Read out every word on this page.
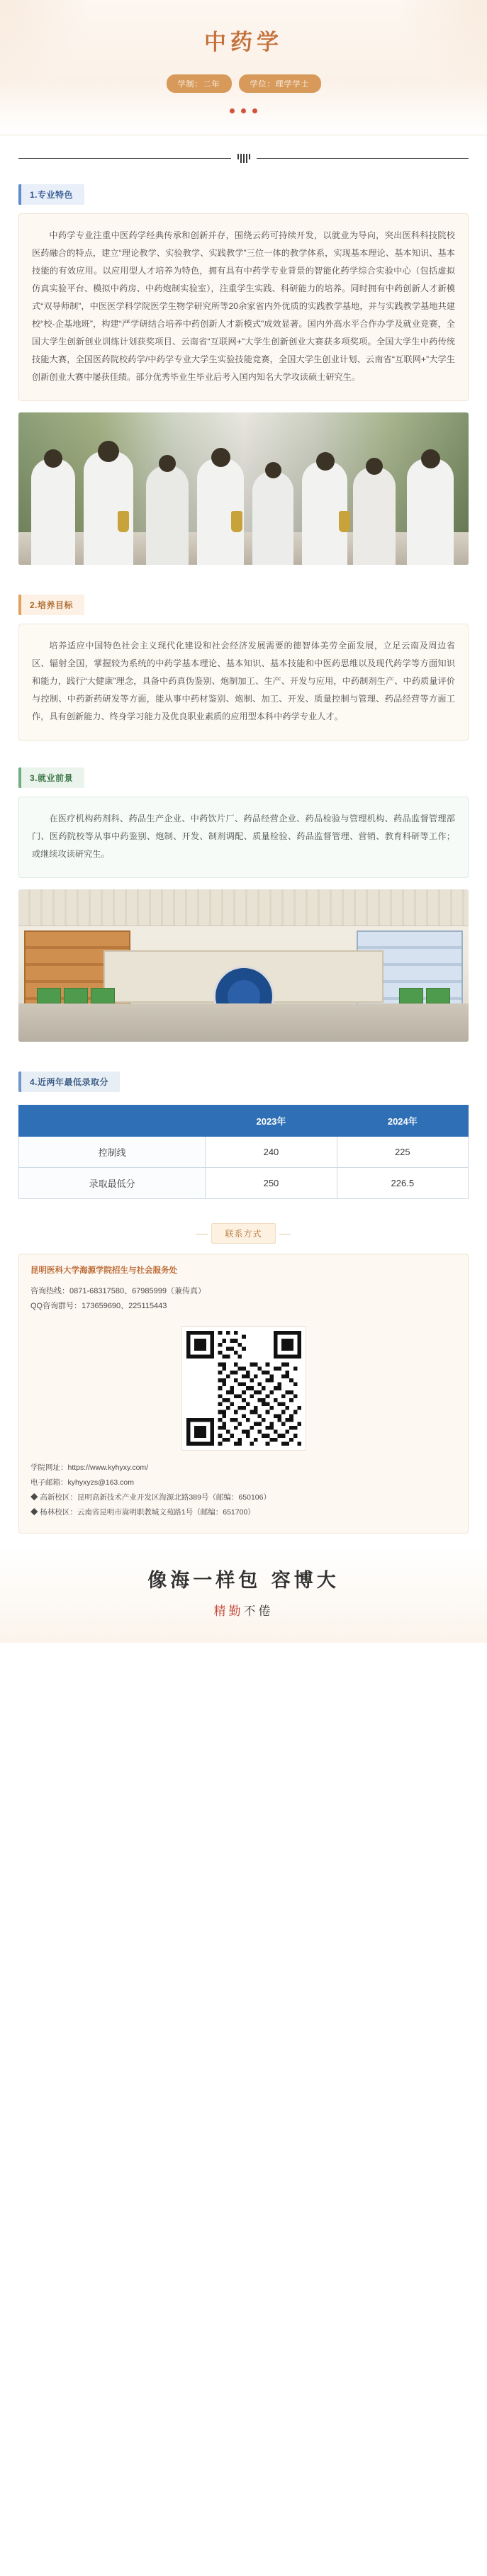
中药学
学制：二年	学位：理学学士
1.专业特色

中药学专业注重中医药学经典传承和创新并存，围绕云药可持续开发，以就业为导向，突出医科科技院校医药融合的特点，建立“理论教学、实验教学、实践教学”三位一体的教学体系，实现基本理论、基本知识、基本技能的有效应用。以应用型人才培养为特色，拥有具有中药学专业背景的智能化药学综合实验中心（包括虚拟仿真实验平台、模拟中药房、中药炮制实验室），注重学生实践、科研能力的培养。同时拥有中药创新人才新模式“双导师制”，中医医学科学院医学生物学研究所等20余家省内外优质的实践教学基地，并与实践教学基地共建校“校-企基地班”，构建“严学研结合培养中药创新人才新模式”成效显著。国内外高水平合作办学及就业竞赛，全国大学生创新创业训练计划获奖项目、云南省“互联网+”大学生创新创业大赛获多项奖项。全国大学生中药传统技能大赛，全国医药院校药学/中药学专业大学生实验技能竞赛，全国大学生创业计划、云南省“互联网+”大学生创新创业大赛中屡获佳绩。部分优秀毕业生毕业后考入国内知名大学攻读硕士研究生。

2.培养目标

培养适应中国特色社会主义现代化建设和社会经济发展需要的德智体美劳全面发展，立足云南及周边省区、辐射全国，掌握较为系统的中药学基本理论、基本知识、基本技能和中医药思维以及现代药学等方面知识和能力，践行“大健康”理念，具备中药真伪鉴别、炮制加工、生产、开发与应用，中药制剂生产、中药质量评价与控制、中药新药研发等方面，能从事中药材鉴别、炮制、加工、开发、质量控制与管理、药品经营等方面工作，具有创新能力、终身学习能力及优良职业素质的应用型本科中药学专业人才。

3.就业前景

在医疗机构药剂科、药品生产企业、中药饮片厂、药品经营企业、药品检验与管理机构、药品监督管理部门、医药院校等从事中药鉴别、炮制、开发、制剂调配、质量检验、药品监督管理、营销、教育科研等工作；或继续攻读研究生。

4.近两年最低录取分
	2023年	2024年
控制线	240	225
录取最低分	250	226.5
联系方式
昆明医科大学海源学院招生与社会服务处
咨询热线：0871-68317580、67985999（兼传真）
QQ咨询群号：173659690、225115443
学院网址：https://www.kyhyxy.com/
电子邮箱：kyhyxyzs@163.com
◆ 高新校区：昆明高新技术产业开发区海源北路389号（邮编：650106）
◆ 杨林校区：云南省昆明市嵩明职教城文苑路1号（邮编：651700）
像海一样包 容博大
精勤不倦
